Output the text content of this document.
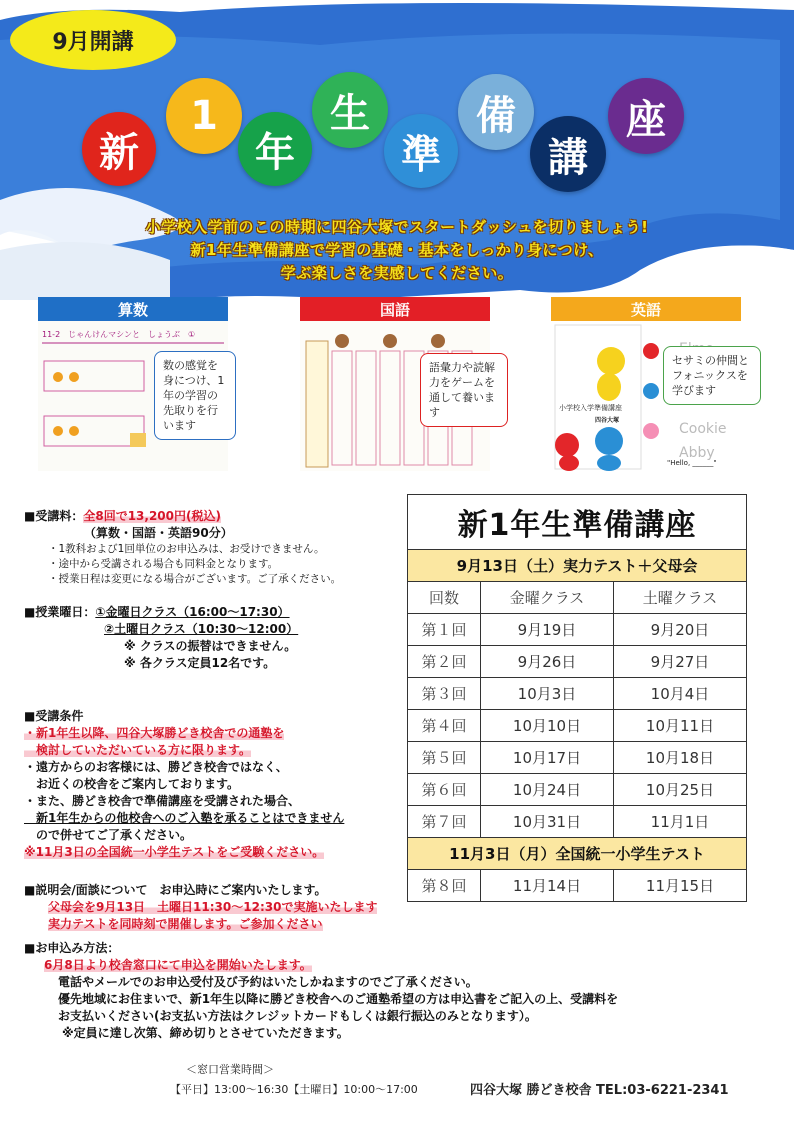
9月開講
新
1
年
生
準
備
講
座
小学校入学前のこの時期に四谷大塚でスタートダッシュを切りましょう!
新1年生準備講座で学習の基礎・基本をしっかり身につけ、
学ぶ楽しさを実感してください。
算数
11-2　じゃんけんマシンと　しょうぶ　①
数の感覚を身につけ、1年の学習の先取りを行います
国語
語彙力や読解力をゲームを通して養います
英語
小学校入学準備講座
四谷大塚
Cookie
Abby
"Hello, ______"
セサミの仲間とフォニックスを学びます
■受講料：全8回で13,200円(税込)
（算数・国語・英語90分）
・1教科および1回単位のお申込みは、お受けできません。
・途中から受講される場合も同料金となります。
・授業日程は変更になる場合がございます。ご了承ください。
■授業曜日：①金曜日クラス（16:00〜17:30）
②土曜日クラス（10:30〜12:00）
※ クラスの振替はできません。
※ 各クラス定員12名です。
■受講条件
・新1年生以降、四谷大塚勝どき校舎での通塾を
　検討していただいている方に限ります。
・遠方からのお客様には、勝どき校舎ではなく、
　お近くの校舎をご案内しております。
・また、勝どき校舎で準備講座を受講された場合、
　新1年生からの他校舎へのご入塾を承ることはできません
　ので併せてご了承ください。
※11月3日の全国統一小学生テストをご受験ください。
■説明会/面談について　お申込時にご案内いたします。
父母会を9月13日　土曜日11:30〜12:30で実施いたします
実力テストを同時刻で開催します。ご参加ください
■お申込み方法：
6月8日より校舎窓口にて申込を開始いたします。
電話やメールでのお申込受付及び予約はいたしかねますのでご了承ください。
優先地域にお住まいで、新1年生以降に勝どき校舎へのご通塾希望の方は申込書をご記入の上、受講料を
お支払いください(お支払い方法はクレジットカードもしくは銀行振込のみとなります）。
※定員に達し次第、締め切りとさせていただきます。
新1年生準備講座		
9月13日（土）実力テスト＋父母会		
回数	金曜クラス	土曜クラス
第１回	9月19日	9月20日
第２回	9月26日	9月27日
第３回	10月3日	10月4日
第４回	10月10日	10月11日
第５回	10月17日	10月18日
第６回	10月24日	10月25日
第７回	10月31日	11月1日
11月3日（月）全国統一小学生テスト		
第８回	11月14日	11月15日
＜窓口営業時間＞
【平日】13:00〜16:30【土曜日】10:00〜17:00	四谷大塚 勝どき校舎 TEL:03-6221-2341
